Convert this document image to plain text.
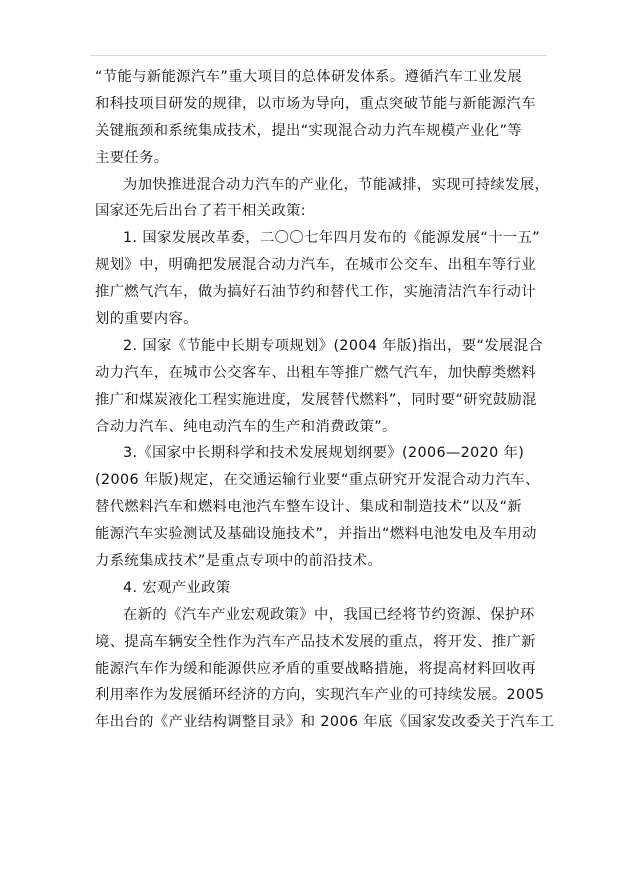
“节能与新能源汽车”重大项目的总体研发体系。遵循汽车工业发展
和科技项目研发的规律，以市场为导向，重点突破节能与新能源汽车
关键瓶颈和系统集成技术，提出“实现混合动力汽车规模产业化”等
主要任务。
为加快推进混合动力汽车的产业化，节能减排，实现可持续发展，
国家还先后出台了若干相关政策:
1. 国家发展改革委，二〇〇七年四月发布的《能源发展“十一五”
规划》中，明确把发展混合动力汽车，在城市公交车、出租车等行业
推广燃气汽车，做为搞好石油节约和替代工作，实施清洁汽车行动计
划的重要内容。
2. 国家《节能中长期专项规划》(2004 年版)指出，要“发展混合
动力汽车，在城市公交客车、出租车等推广燃气汽车，加快醇类燃料
推广和煤炭液化工程实施进度，发展替代燃料”，同时要“研究鼓励混
合动力汽车、纯电动汽车的生产和消费政策”。
3.《国家中长期科学和技术发展规划纲要》(2006—2020 年)
(2006 年版)规定，在交通运输行业要“重点研究开发混合动力汽车、
替代燃料汽车和燃料电池汽车整车设计、集成和制造技术”以及“新
能源汽车实验测试及基础设施技术”，并指出“燃料电池发电及车用动
力系统集成技术”是重点专项中的前沿技术。
4. 宏观产业政策
在新的《汽车产业宏观政策》中，我国已经将节约资源、保护环
境、提高车辆安全性作为汽车产品技术发展的重点，将开发、推广新
能源汽车作为缓和能源供应矛盾的重要战略措施，将提高材料回收再
利用率作为发展循环经济的方向，实现汽车产业的可持续发展。2005
年出台的《产业结构调整目录》和 2006 年底《国家发改委关于汽车工
